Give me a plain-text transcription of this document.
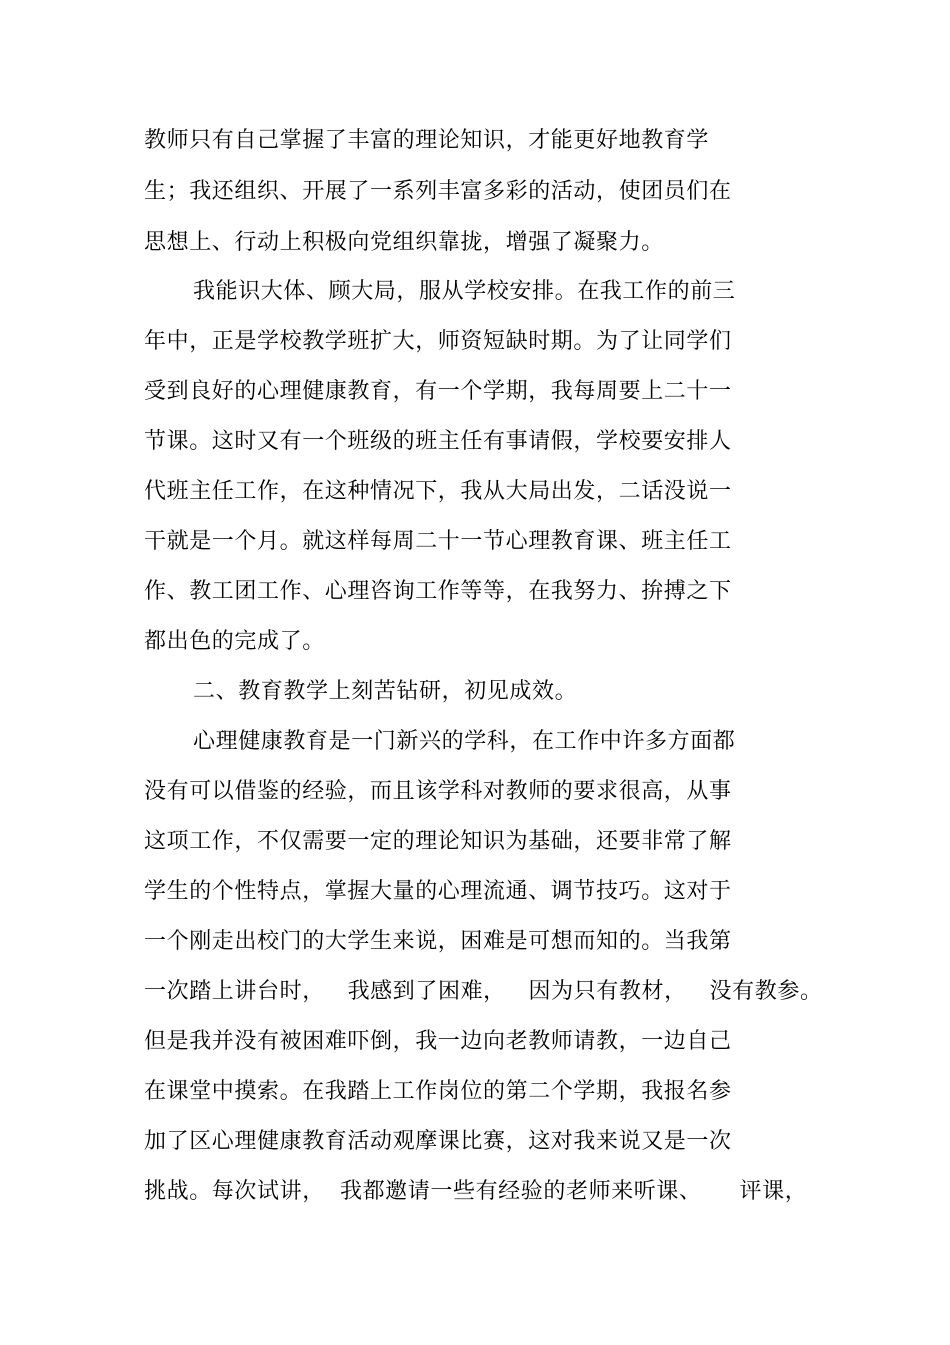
教师只有自己掌握了丰富的理论知识，才能更好地教育学
生；我还组织、开展了一系列丰富多彩的活动，使团员们在
思想上、行动上积极向党组织靠拢，增强了凝聚力。
我能识大体、顾大局，服从学校安排。在我工作的前三
年中，正是学校教学班扩大，师资短缺时期。为了让同学们
受到良好的心理健康教育，有一个学期，我每周要上二十一
节课。这时又有一个班级的班主任有事请假，学校要安排人
代班主任工作，在这种情况下，我从大局出发，二话没说一
干就是一个月。就这样每周二十一节心理教育课、班主任工
作、教工团工作、心理咨询工作等等，在我努力、拚搏之下
都出色的完成了。
二、教育教学上刻苦钻研，初见成效。
心理健康教育是一门新兴的学科，在工作中许多方面都
没有可以借鉴的经验，而且该学科对教师的要求很高，从事
这项工作，不仅需要一定的理论知识为基础，还要非常了解
学生的个性特点，掌握大量的心理流通、调节技巧。这对于
一个刚走出校门的大学生来说，困难是可想而知的。当我第
一次踏上讲台时，   我感到了困难，   因为只有教材，   没有教参。
但是我并没有被困难吓倒，我一边向老教师请教，一边自己
在课堂中摸索。在我踏上工作岗位的第二个学期，我报名参
加了区心理健康教育活动观摩课比赛，这对我来说又是一次
挑战。每次试讲，  我都邀请一些有经验的老师来听课、     评课，
